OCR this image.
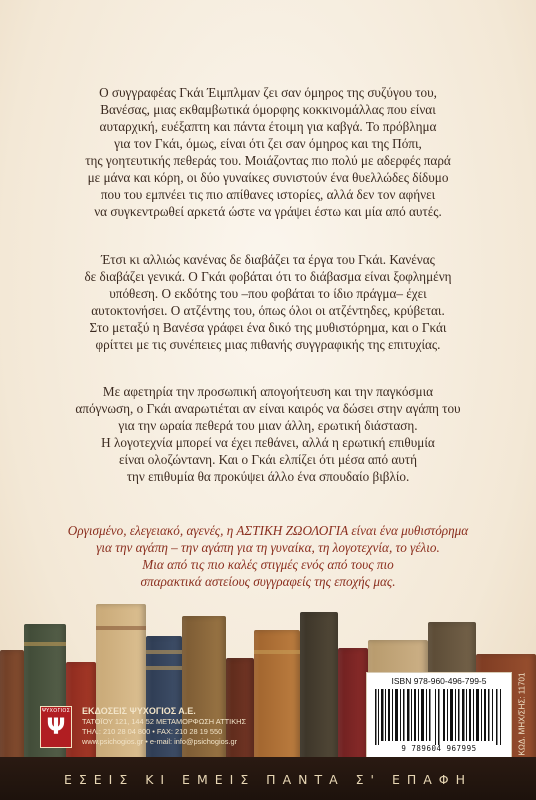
Ο συγγραφέας Γκάι Έιμπλμαν ζει σαν όμηρος της συζύγου του,

Βανέσας, μιας εκθαμβωτικά όμορφης κοκκινομάλλας που είναι

αυταρχική, ευέξαπτη και πάντα έτοιμη για καβγά. Το πρόβλημα

για τον Γκάι, όμως, είναι ότι ζει σαν όμηρος και της Πόπι,

της γοητευτικής πεθεράς του. Μοιάζοντας πιο πολύ με αδερφές παρά

με μάνα και κόρη, οι δύο γυναίκες συνιστούν ένα θυελλώδες δίδυμο

που του εμπνέει τις πιο απίθανες ιστορίες, αλλά δεν τον αφήνει

να συγκεντρωθεί αρκετά ώστε να γράψει έστω και μία από αυτές.

Έτσι κι αλλιώς κανένας δε διαβάζει τα έργα του Γκάι. Κανένας

δε διαβάζει γενικά. Ο Γκάι φοβάται ότι το διάβασμα είναι ξοφλημένη

υπόθεση. Ο εκδότης του –που φοβάται το ίδιο πράγμα– έχει

αυτοκτονήσει. Ο ατζέντης του, όπως όλοι οι ατζέντηδες, κρύβεται.

Στο μεταξύ η Βανέσα γράφει ένα δικό της μυθιστόρημα, και ο Γκάι

φρίττει με τις συνέπειες μιας πιθανής συγγραφικής της επιτυχίας.

Με αφετηρία την προσωπική απογοήτευση και την παγκόσμια

απόγνωση, ο Γκάι αναρωτιέται αν είναι καιρός να δώσει στην αγάπη του

για την ωραία πεθερά του μιαν άλλη, ερωτική διάσταση.

Η λογοτεχνία μπορεί να έχει πεθάνει, αλλά η ερωτική επιθυμία

είναι ολοζώντανη. Και ο Γκάι ελπίζει ότι μέσα από αυτή

την επιθυμία θα προκύψει άλλο ένα σπουδαίο βιβλίο.

Οργισμένο, ελεγειακό, αγενές, η ΑΣΤΙΚΗ ΖΩΟΛΟΓΙΑ είναι ένα μυθιστόρημα

για την αγάπη – την αγάπη για τη γυναίκα, τη λογοτεχνία, το γέλιο.

Μια από τις πιο καλές στιγμές ενός από τους πιο

σπαρακτικά αστείους συγγραφείς της εποχής μας.

ΨΥΧΟΓΙΟΣ
Ψ
ΕΚΔΟΣΕΙΣ ΨΥΧΟΓΙΟΣ Α.Ε.
ΤΑΤΟΪΟΥ 121, 144 52 ΜΕΤΑΜΟΡΦΩΣΗ ΑΤΤΙΚΗΣ
ΤΗΛ.: 210 28 04 800 • FAX: 210 28 19 550
www.psichogios.gr • e-mail: info@psichogios.gr
ISBN 978-960-496-799-5
9 789604 967995	ΚΩΔ. ΜΗΧ/ΣΗΣ: 11701
ΕΣΕΙΣ ΚΙ ΕΜΕΙΣ ΠΑΝΤΑ Σ' ΕΠΑΦΗ
